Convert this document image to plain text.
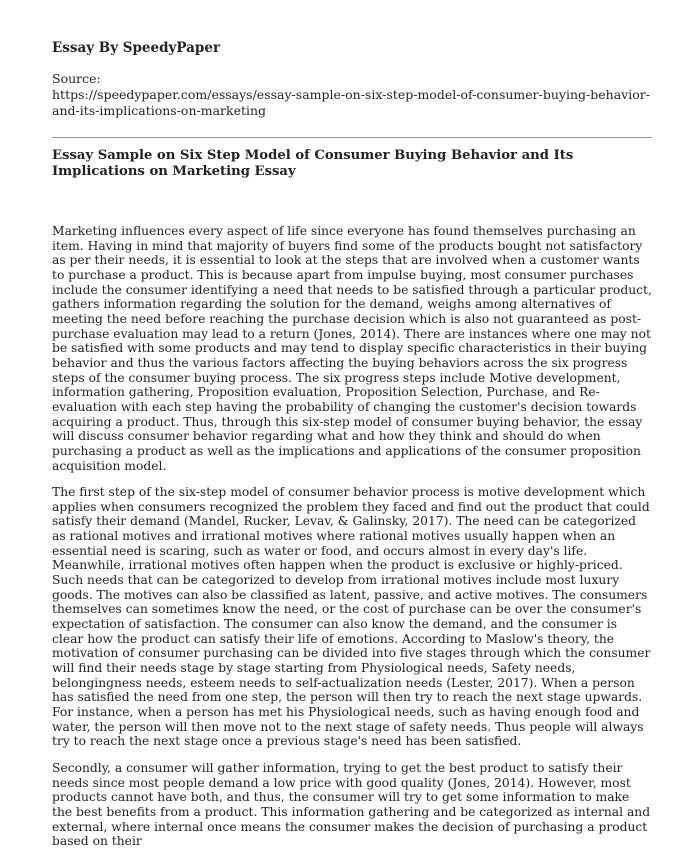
Essay By SpeedyPaper
Source:
https://speedypaper.com/essays/essay-sample-on-six-step-model-of-consumer-buying-behavior-and-its-implications-on-marketing
Essay Sample on Six Step Model of Consumer Buying Behavior and Its Implications on Marketing Essay

Marketing influences every aspect of life since everyone has found themselves purchasing an item. Having in mind that majority of buyers find some of the products bought not satisfactory as per their needs, it is essential to look at the steps that are involved when a customer wants to purchase a product. This is because apart from impulse buying, most consumer purchases include the consumer identifying a need that needs to be satisfied through a particular product, gathers information regarding the solution for the demand, weighs among alternatives of meeting the need before reaching the purchase decision which is also not guaranteed as post-purchase evaluation may lead to a return (Jones, 2014). There are instances where one may not be satisfied with some products and may tend to display specific characteristics in their buying behavior and thus the various factors affecting the buying behaviors across the six progress steps of the consumer buying process. The six progress steps include Motive development, information gathering, Proposition evaluation, Proposition Selection, Purchase, and Re-evaluation with each step having the probability of changing the customer's decision towards acquiring a product. Thus, through this six-step model of consumer buying behavior, the essay will discuss consumer behavior regarding what and how they think and should do when purchasing a product as well as the implications and applications of the consumer proposition acquisition model.

The first step of the six-step model of consumer behavior process is motive development which applies when consumers recognized the problem they faced and find out the product that could satisfy their demand (Mandel, Rucker, Levav, & Galinsky, 2017). The need can be categorized as rational motives and irrational motives where rational motives usually happen when an essential need is scaring, such as water or food, and occurs almost in every day's life. Meanwhile, irrational motives often happen when the product is exclusive or highly-priced. Such needs that can be categorized to develop from irrational motives include most luxury goods. The motives can also be classified as latent, passive, and active motives. The consumers themselves can sometimes know the need, or the cost of purchase can be over the consumer's expectation of satisfaction. The consumer can also know the demand, and the consumer is clear how the product can satisfy their life of emotions. According to Maslow's theory, the motivation of consumer purchasing can be divided into five stages through which the consumer will find their needs stage by stage starting from Physiological needs, Safety needs, belongingness needs, esteem needs to self-actualization needs (Lester, 2017). When a person has satisfied the need from one step, the person will then try to reach the next stage upwards. For instance, when a person has met his Physiological needs, such as having enough food and water, the person will then move not to the next stage of safety needs. Thus people will always try to reach the next stage once a previous stage's need has been satisfied.

Secondly, a consumer will gather information, trying to get the best product to satisfy their needs since most people demand a low price with good quality (Jones, 2014). However, most products cannot have both, and thus, the consumer will try to get some information to make the best benefits from a product. This information gathering and be categorized as internal and external, where internal once means the consumer makes the decision of purchasing a product based on their
